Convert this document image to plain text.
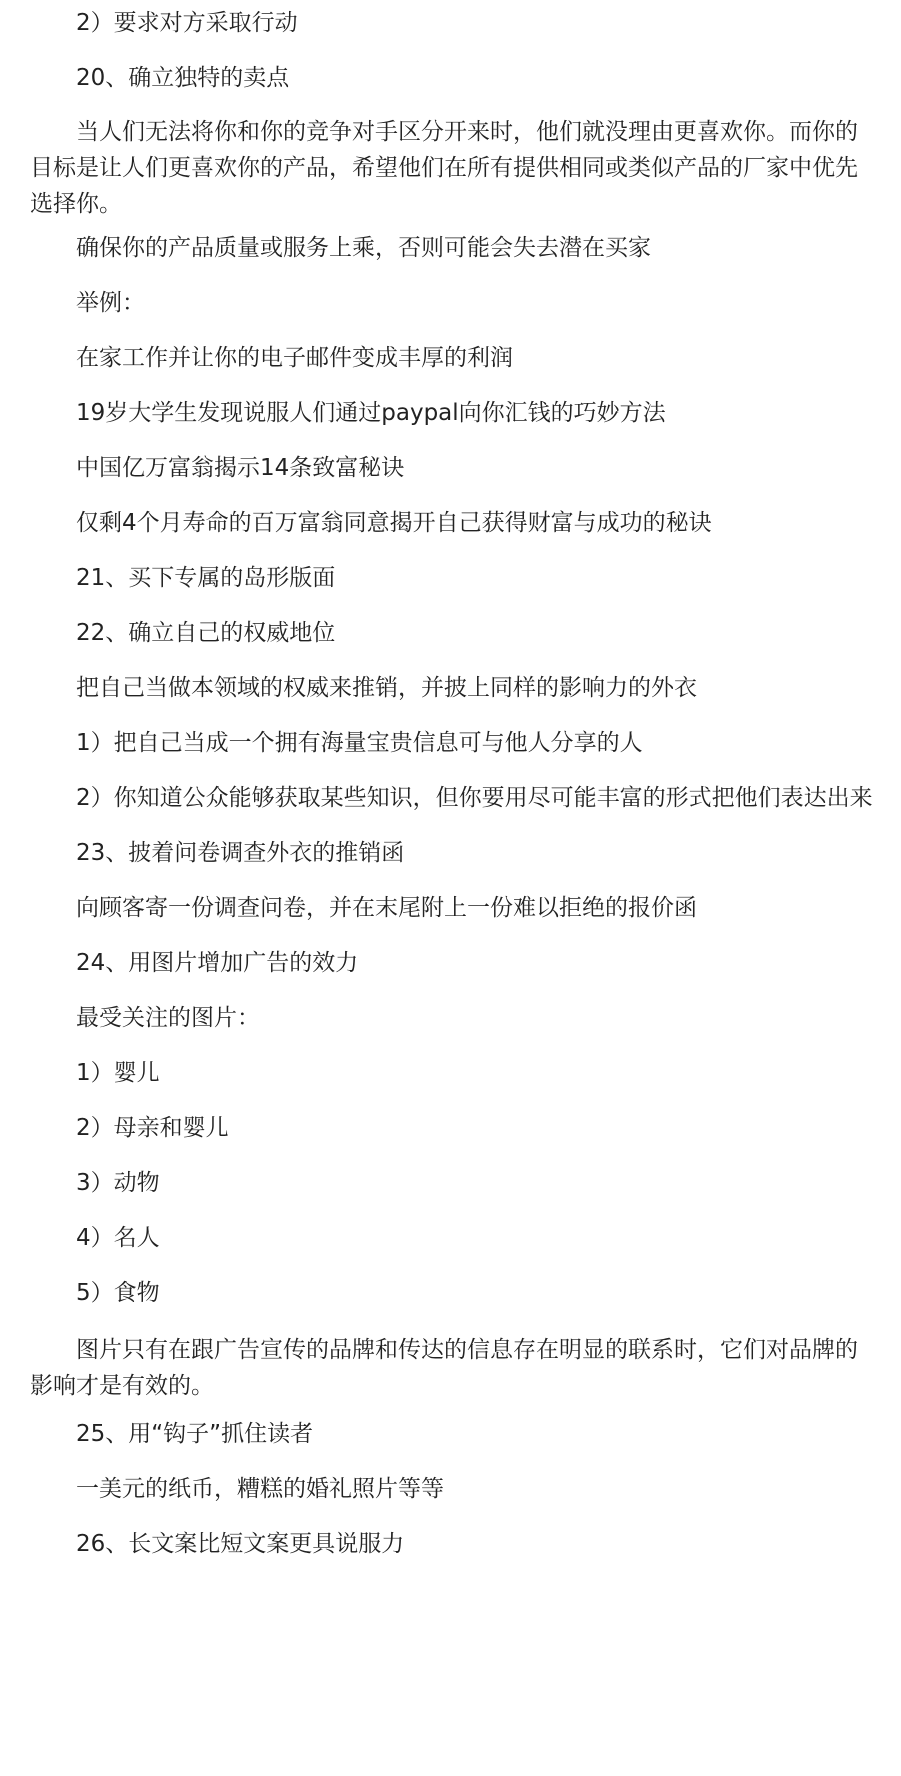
2）要求对方采取行动

20、确立独特的卖点

当人们无法将你和你的竞争对手区分开来时，他们就没理由更喜欢你。而你的目标是让人们更喜欢你的产品，希望他们在所有提供相同或类似产品的厂家中优先选择你。

确保你的产品质量或服务上乘，否则可能会失去潜在买家

举例：

在家工作并让你的电子邮件变成丰厚的利润

19岁大学生发现说服人们通过paypal向你汇钱的巧妙方法

中国亿万富翁揭示14条致富秘诀

仅剩4个月寿命的百万富翁同意揭开自己获得财富与成功的秘诀

21、买下专属的岛形版面

22、确立自己的权威地位

把自己当做本领域的权威来推销，并披上同样的影响力的外衣

1）把自己当成一个拥有海量宝贵信息可与他人分享的人

2）你知道公众能够获取某些知识，但你要用尽可能丰富的形式把他们表达出来

23、披着问卷调查外衣的推销函

向顾客寄一份调查问卷，并在末尾附上一份难以拒绝的报价函

24、用图片增加广告的效力

最受关注的图片：

1）婴儿

2）母亲和婴儿

3）动物

4）名人

5）食物

图片只有在跟广告宣传的品牌和传达的信息存在明显的联系时，它们对品牌的影响才是有效的。

25、用“钩子”抓住读者

一美元的纸币，糟糕的婚礼照片等等

26、长文案比短文案更具说服力
